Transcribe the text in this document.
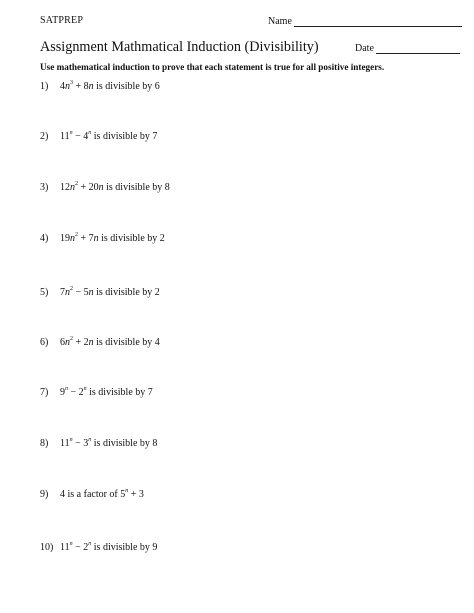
SATPREP	Name
Assignment Mathmatical Induction (Divisibility)	Date
Use mathematical induction to prove that each statement is true for all positive integers.
1) $4n^3 + 8n$ is divisible by 6
2) $11^n - 4^n$ is divisible by 7
3) $12n^2 + 20n$ is divisible by 8
4) $19n^2 + 7n$ is divisible by 2
5) $7n^2 - 5n$ is divisible by 2
6) $6n^2 + 2n$ is divisible by 4
7) $9^n - 2^n$ is divisible by 7
8) $11^n - 3^n$ is divisible by 8
9) 4 is a factor of $5^n + 3$
10) $11^n - 2^n$ is divisible by 9
